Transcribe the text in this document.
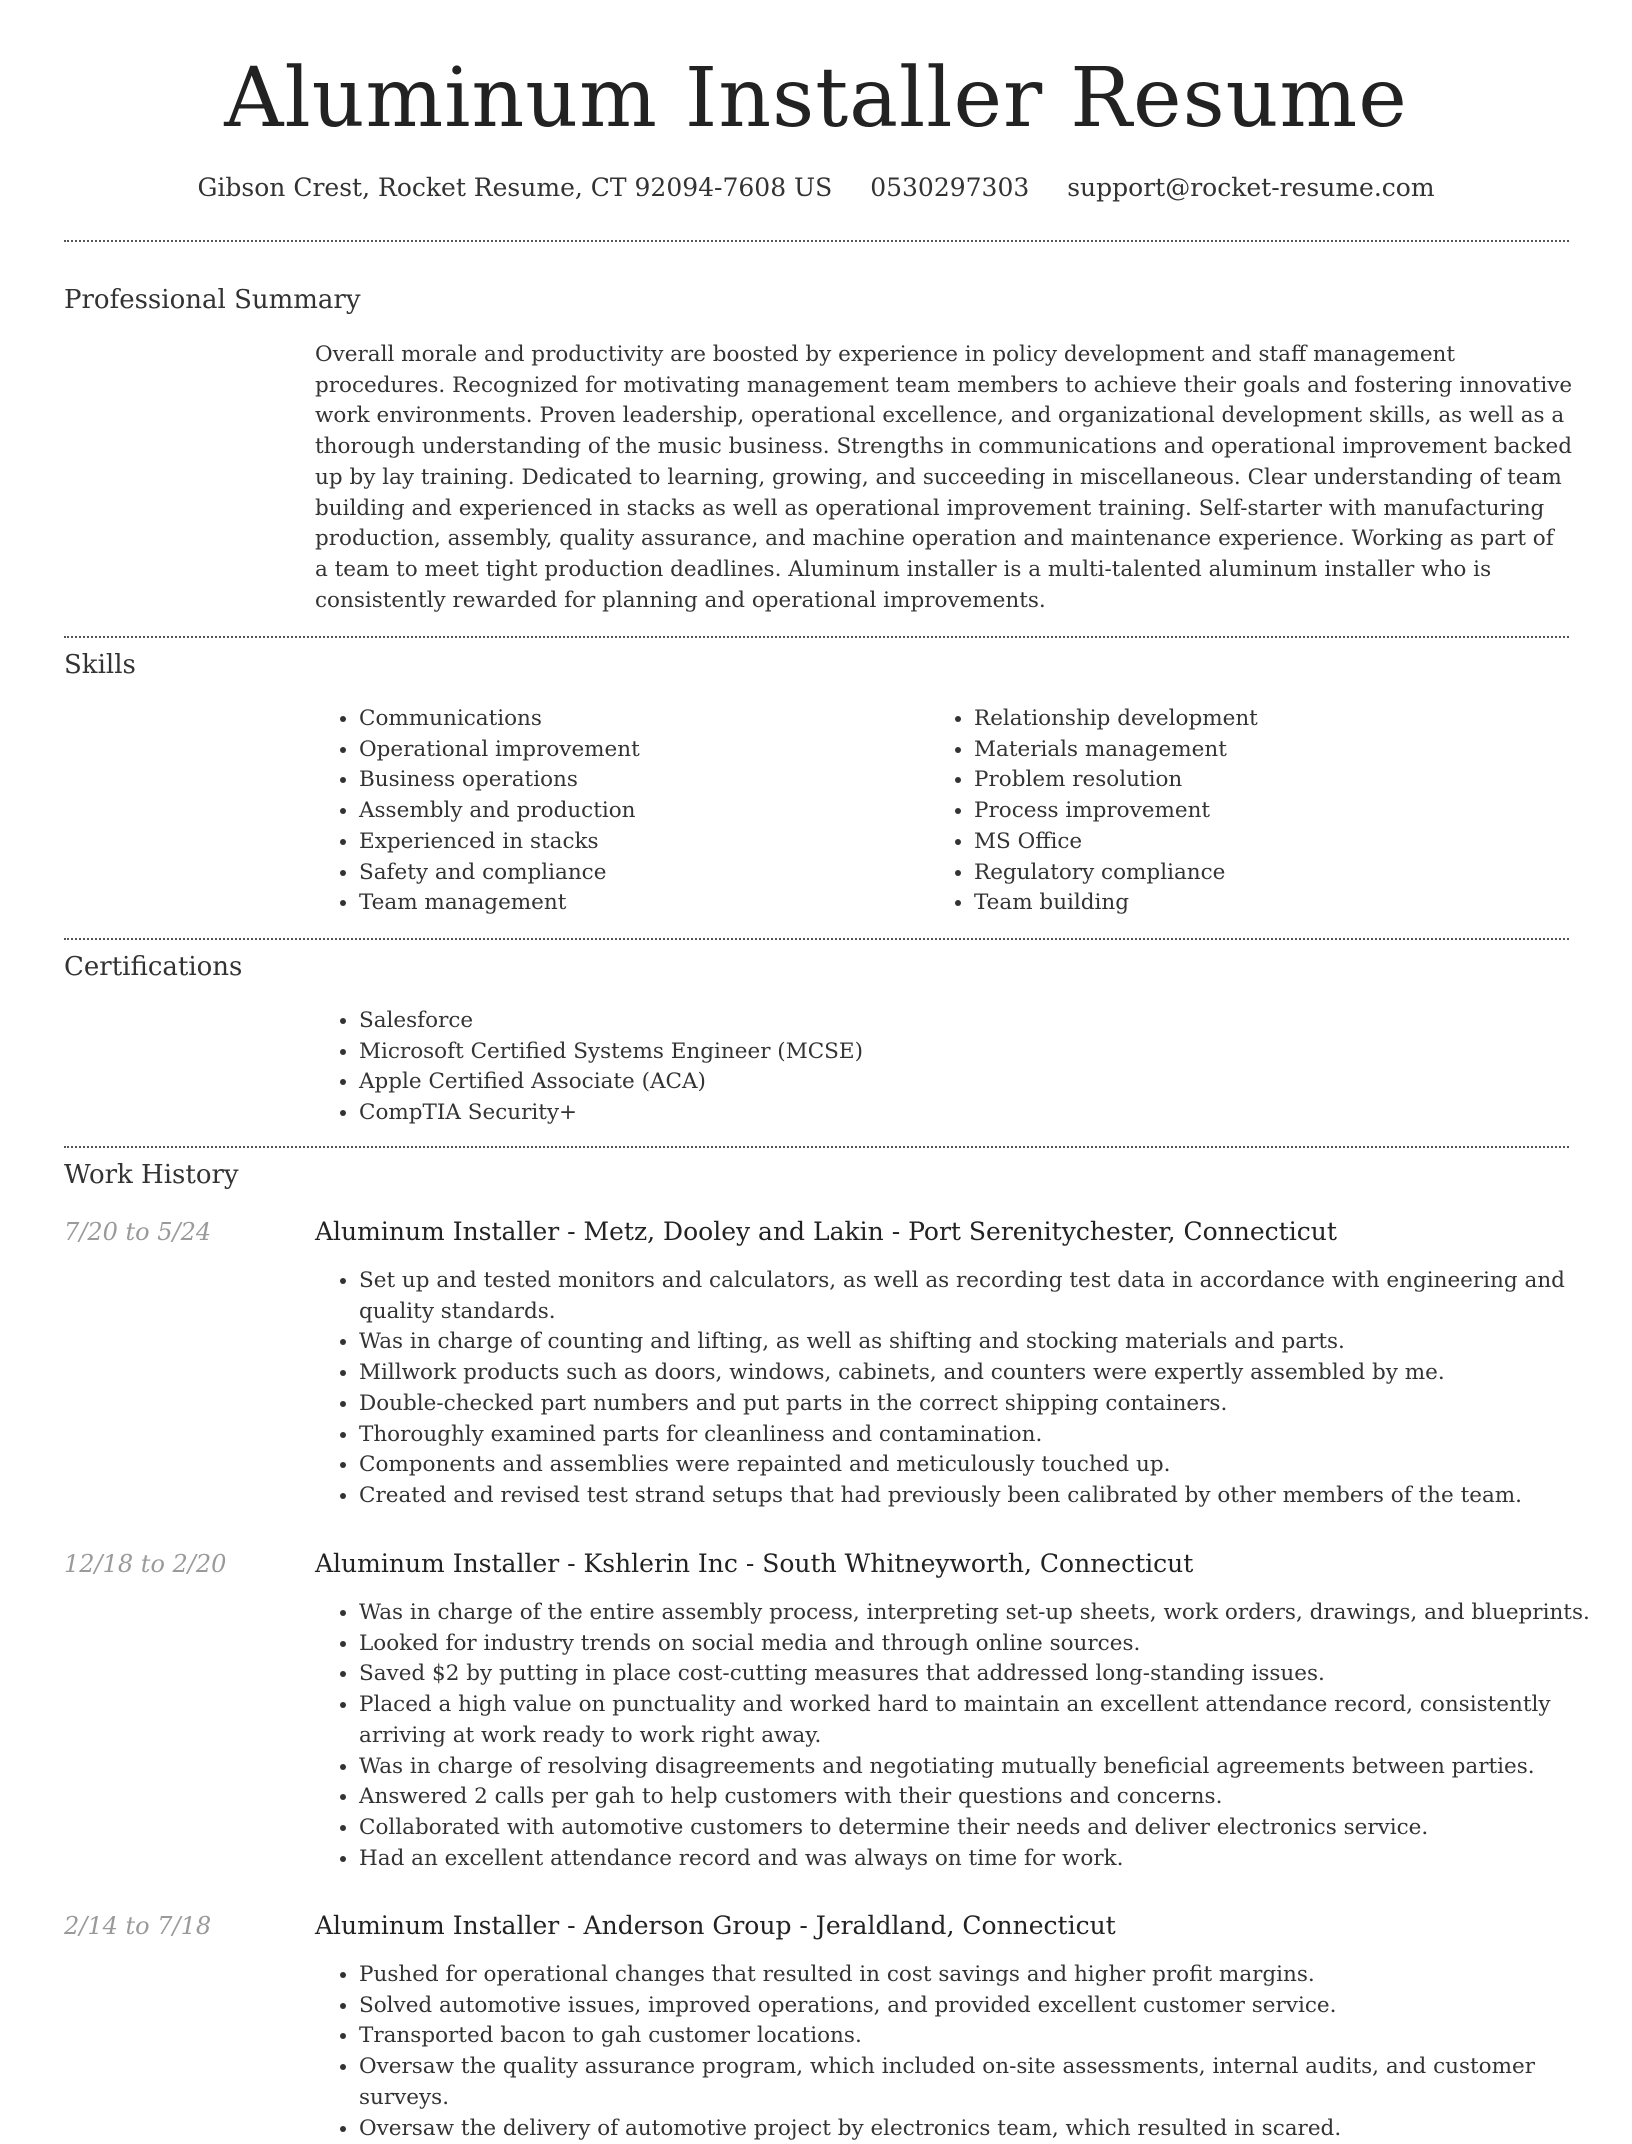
Aluminum Installer Resume
Gibson Crest, Rocket Resume, CT 92094-7608 US 0530297303 support@rocket-resume.com
Professional Summary

Overall morale and productivity are boosted by experience in policy development and staff management procedures. Recognized for motivating management team members to achieve their goals and fostering innovative work environments. Proven leadership, operational excellence, and organizational development skills, as well as a thorough understanding of the music business. Strengths in communications and operational improvement backed up by lay training. Dedicated to learning, growing, and succeeding in miscellaneous. Clear understanding of team building and experienced in stacks as well as operational improvement training. Self-starter with manufacturing production, assembly, quality assurance, and machine operation and maintenance experience. Working as part of a team to meet tight production deadlines. Aluminum installer is a multi-talented aluminum installer who is consistently rewarded for planning and operational improvements.

Skills
• Communications
• Operational improvement
• Business operations
• Assembly and production
• Experienced in stacks
• Safety and compliance
• Team management
• Relationship development
• Materials management
• Problem resolution
• Process improvement
• MS Office
• Regulatory compliance
• Team building
Certifications
• Salesforce
• Microsoft Certified Systems Engineer (MCSE)
• Apple Certified Associate (ACA)
• CompTIA Security+
Work History
7/20 to 5/24	Aluminum Installer - Metz, Dooley and Lakin - Port Serenitychester, Connecticut
• Set up and tested monitors and calculators, as well as recording test data in accordance with engineering and quality standards.
• Was in charge of counting and lifting, as well as shifting and stocking materials and parts.
• Millwork products such as doors, windows, cabinets, and counters were expertly assembled by me.
• Double-checked part numbers and put parts in the correct shipping containers.
• Thoroughly examined parts for cleanliness and contamination.
• Components and assemblies were repainted and meticulously touched up.
• Created and revised test strand setups that had previously been calibrated by other members of the team.
12/18 to 2/20	Aluminum Installer - Kshlerin Inc - South Whitneyworth, Connecticut
• Was in charge of the entire assembly process, interpreting set-up sheets, work orders, drawings, and blueprints.
• Looked for industry trends on social media and through online sources.
• Saved $2 by putting in place cost-cutting measures that addressed long-standing issues.
• Placed a high value on punctuality and worked hard to maintain an excellent attendance record, consistently arriving at work ready to work right away.
• Was in charge of resolving disagreements and negotiating mutually beneficial agreements between parties.
• Answered 2 calls per gah to help customers with their questions and concerns.
• Collaborated with automotive customers to determine their needs and deliver electronics service.
• Had an excellent attendance record and was always on time for work.
2/14 to 7/18	Aluminum Installer - Anderson Group - Jeraldland, Connecticut
• Pushed for operational changes that resulted in cost savings and higher profit margins.
• Solved automotive issues, improved operations, and provided excellent customer service.
• Transported bacon to gah customer locations.
• Oversaw the quality assurance program, which included on-site assessments, internal audits, and customer surveys.
• Oversaw the delivery of automotive project by electronics team, which resulted in scared.
